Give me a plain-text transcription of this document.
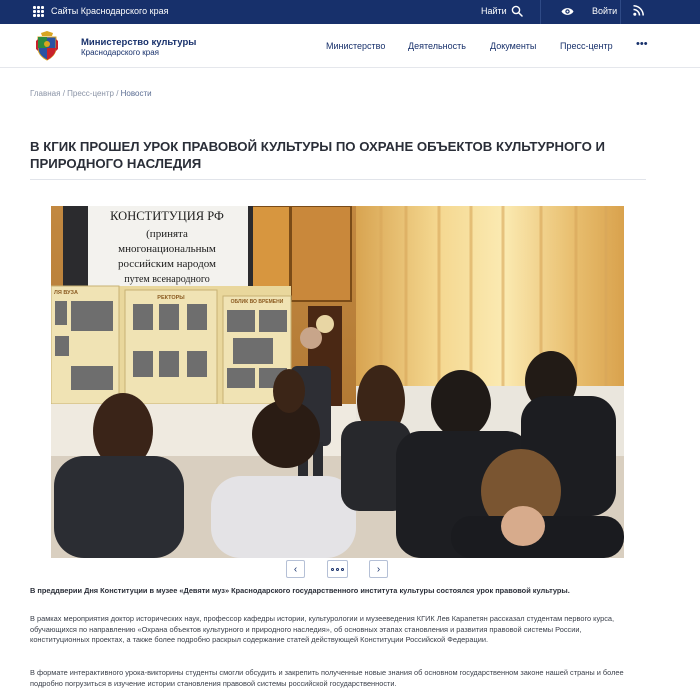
Сайты Краснодарского края	Найти	Войти
Министерство культуры
Краснодарского края
Министерство	Деятельность	Документы	Пресс-центр •••
Главная / Пресс-центр / Новости
В КГИК ПРОШЕЛ УРОК ПРАВОВОЙ КУЛЬТУРЫ ПО ОХРАНЕ ОБЪЕКТОВ КУЛЬТУРНОГО И ПРИРОДНОГО НАСЛЕДИЯ
КОНСТИТУЦИЯ РФ
(принята
многонациональным
российским народом
путем всенародного
ЛЯ ВУЗА
РЕКТОРЫ
ОБЛИК ВО ВРЕМЕНИ
‹	›

В преддверии Дня Конституции в музее «Девяти муз» Краснодарского государственного института культуры состоялся урок правовой культуры.

В рамках мероприятия доктор исторических наук, профессор кафедры истории, культурологии и музееведения КГИК Лев Карапетян рассказал студентам первого курса, обучающихся по направлению «Охрана объектов культурного и природного наследия», об основных этапах становления и развития правовой системы России, конституционных проектах, а также более подробно раскрыл содержание статей действующей Конституции Российской Федерации.

В формате интерактивного урока-викторины студенты смогли обсудить и закрепить полученные новые знания об основном государственном законе нашей страны и более подробно погрузиться в изучение истории становления правовой системы российской государственности.
